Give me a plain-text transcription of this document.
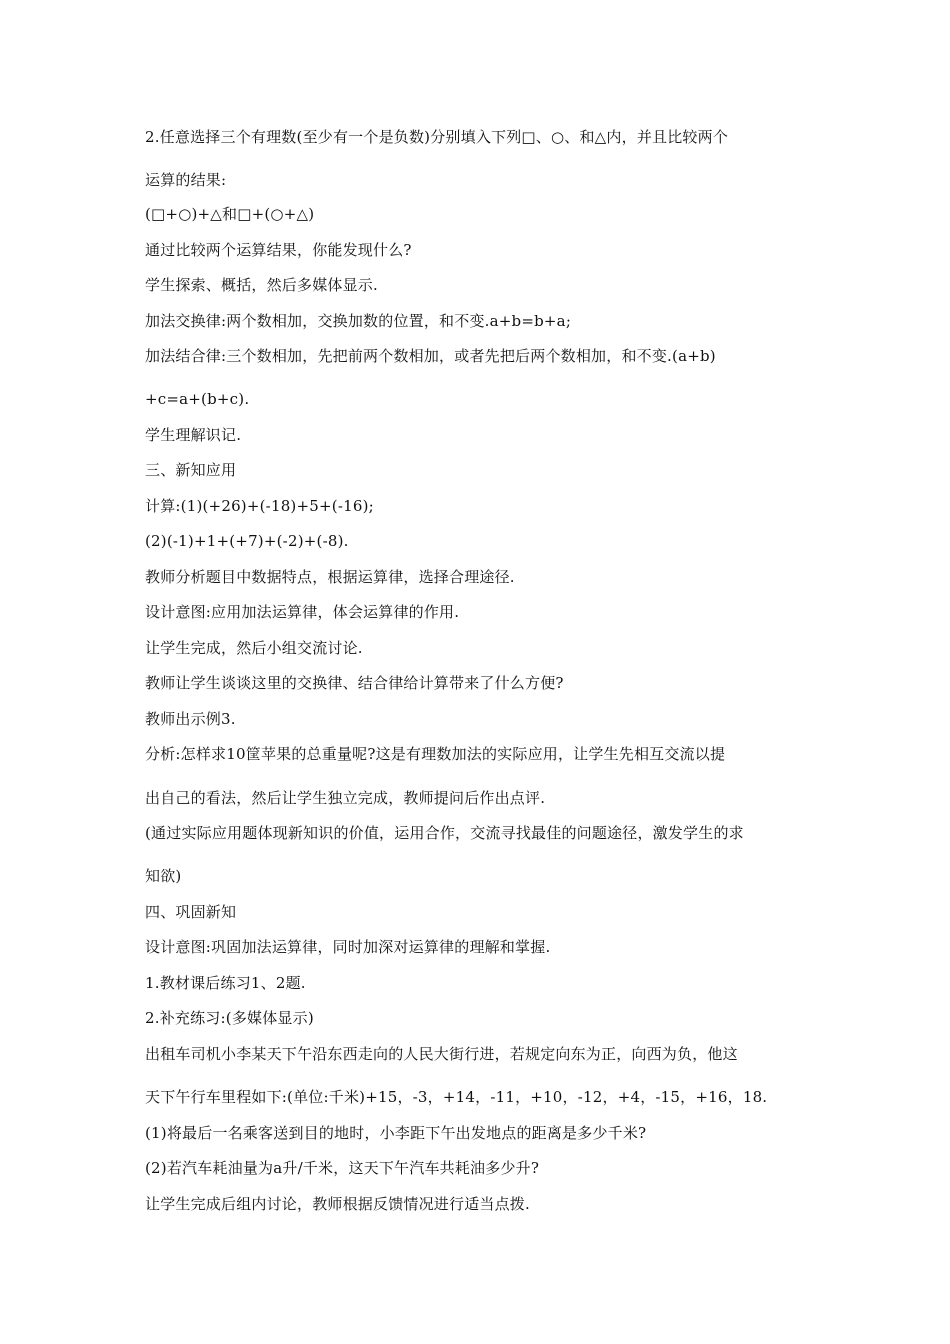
2.任意选择三个有理数(至少有一个是负数)分别填入下列□、○、和△内，并且比较两个
运算的结果:
(□+○)+△和□+(○+△)
通过比较两个运算结果，你能发现什么?
学生探索、概括，然后多媒体显示.
加法交换律:两个数相加，交换加数的位置，和不变.a+b=b+a;
加法结合律:三个数相加，先把前两个数相加，或者先把后两个数相加，和不变.(a+b)
+c=a+(b+c).
学生理解识记.
三、新知应用
计算:(1)(+26)+(-18)+5+(-16);
(2)(-1)+1+(+7)+(-2)+(-8).
教师分析题目中数据特点，根据运算律，选择合理途径.
设计意图:应用加法运算律，体会运算律的作用.
让学生完成，然后小组交流讨论.
教师让学生谈谈这里的交换律、结合律给计算带来了什么方便?
教师出示例3.
分析:怎样求10筐苹果的总重量呢?这是有理数加法的实际应用，让学生先相互交流以提
出自己的看法，然后让学生独立完成，教师提问后作出点评.
(通过实际应用题体现新知识的价值，运用合作，交流寻找最佳的问题途径，激发学生的求
知欲)
四、巩固新知
设计意图:巩固加法运算律，同时加深对运算律的理解和掌握.
1.教材课后练习1、2题.
2.补充练习:(多媒体显示)
出租车司机小李某天下午沿东西走向的人民大街行进，若规定向东为正，向西为负，他这
天下午行车里程如下:(单位:千米)+15，-3，+14，-11，+10，-12，+4，-15，+16，18.
(1)将最后一名乘客送到目的地时，小李距下午出发地点的距离是多少千米?
(2)若汽车耗油量为a升/千米，这天下午汽车共耗油多少升?
让学生完成后组内讨论，教师根据反馈情况进行适当点拨.
